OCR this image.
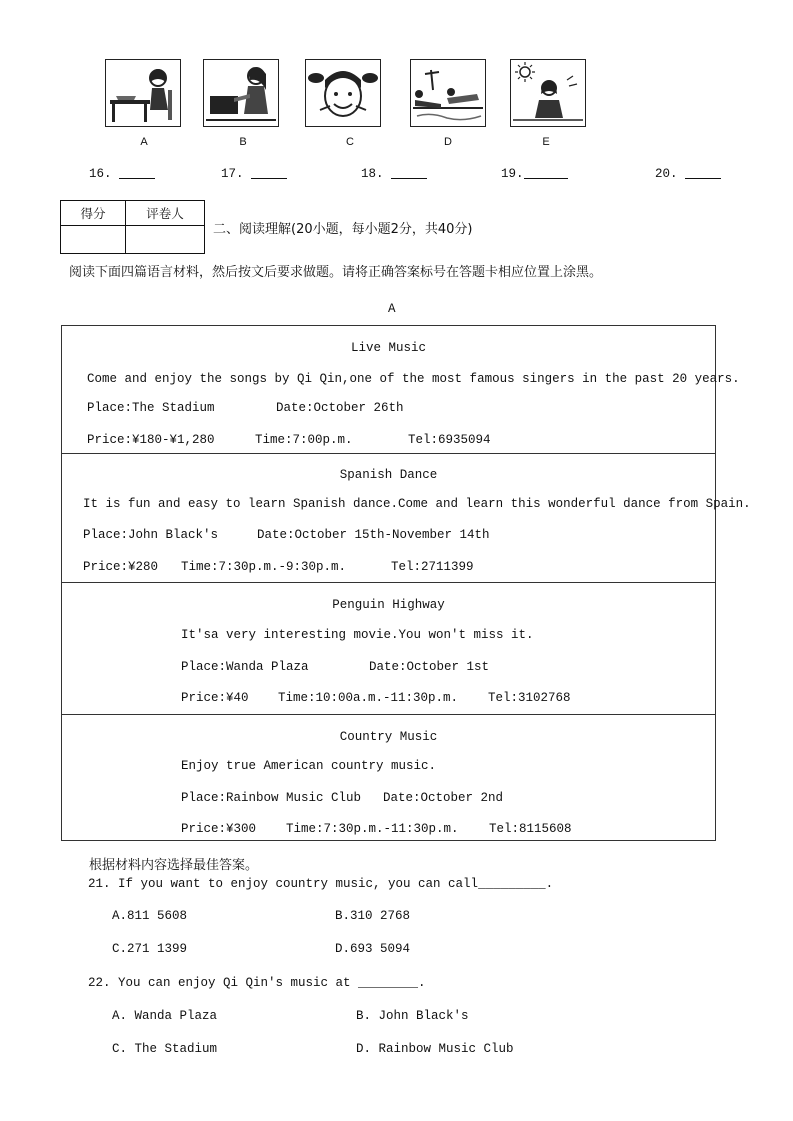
A	B	C	D	E
16.	17.	18.	19.	20.
得分	评卷人

二、阅读理解(20小题，每小题2分，共40分)
阅读下面四篇语言材料，然后按文后要求做题。请将正确答案标号在答题卡相应位置上涂黑。
A
Live Music
Come and enjoy the songs by Qi Qin,one of the most famous singers in the past 20 years.
Place:The Stadium	Date:October 26th
Price:¥180-¥1,280	Time:7:00p.m.	Tel:6935094
Spanish Dance
It is fun and easy to learn Spanish dance.Come and learn this wonderful dance from Spain.
Place:John Black's	Date:October 15th-November 14th
Price:¥280 Time:7:30p.m.-9:30p.m.	Tel:2711399
Penguin Highway
It'sa very interesting movie.You won't miss it.
Place:Wanda Plaza	Date:October 1st
Price:¥40 Time:10:00a.m.-11:30p.m. Tel:3102768
Country Music
Enjoy true American country music.
Place:Rainbow Music Club Date:October 2nd
Price:¥300 Time:7:30p.m.-11:30p.m. Tel:8115608
根据材料内容选择最佳答案。
21. If you want to enjoy country music, you can call_________.
A.811 5608	B.310 2768
C.271 1399	D.693 5094
22. You can enjoy Qi Qin's music at ________.
A. Wanda Plaza	B. John Black's
C. The Stadium	D. Rainbow Music Club
